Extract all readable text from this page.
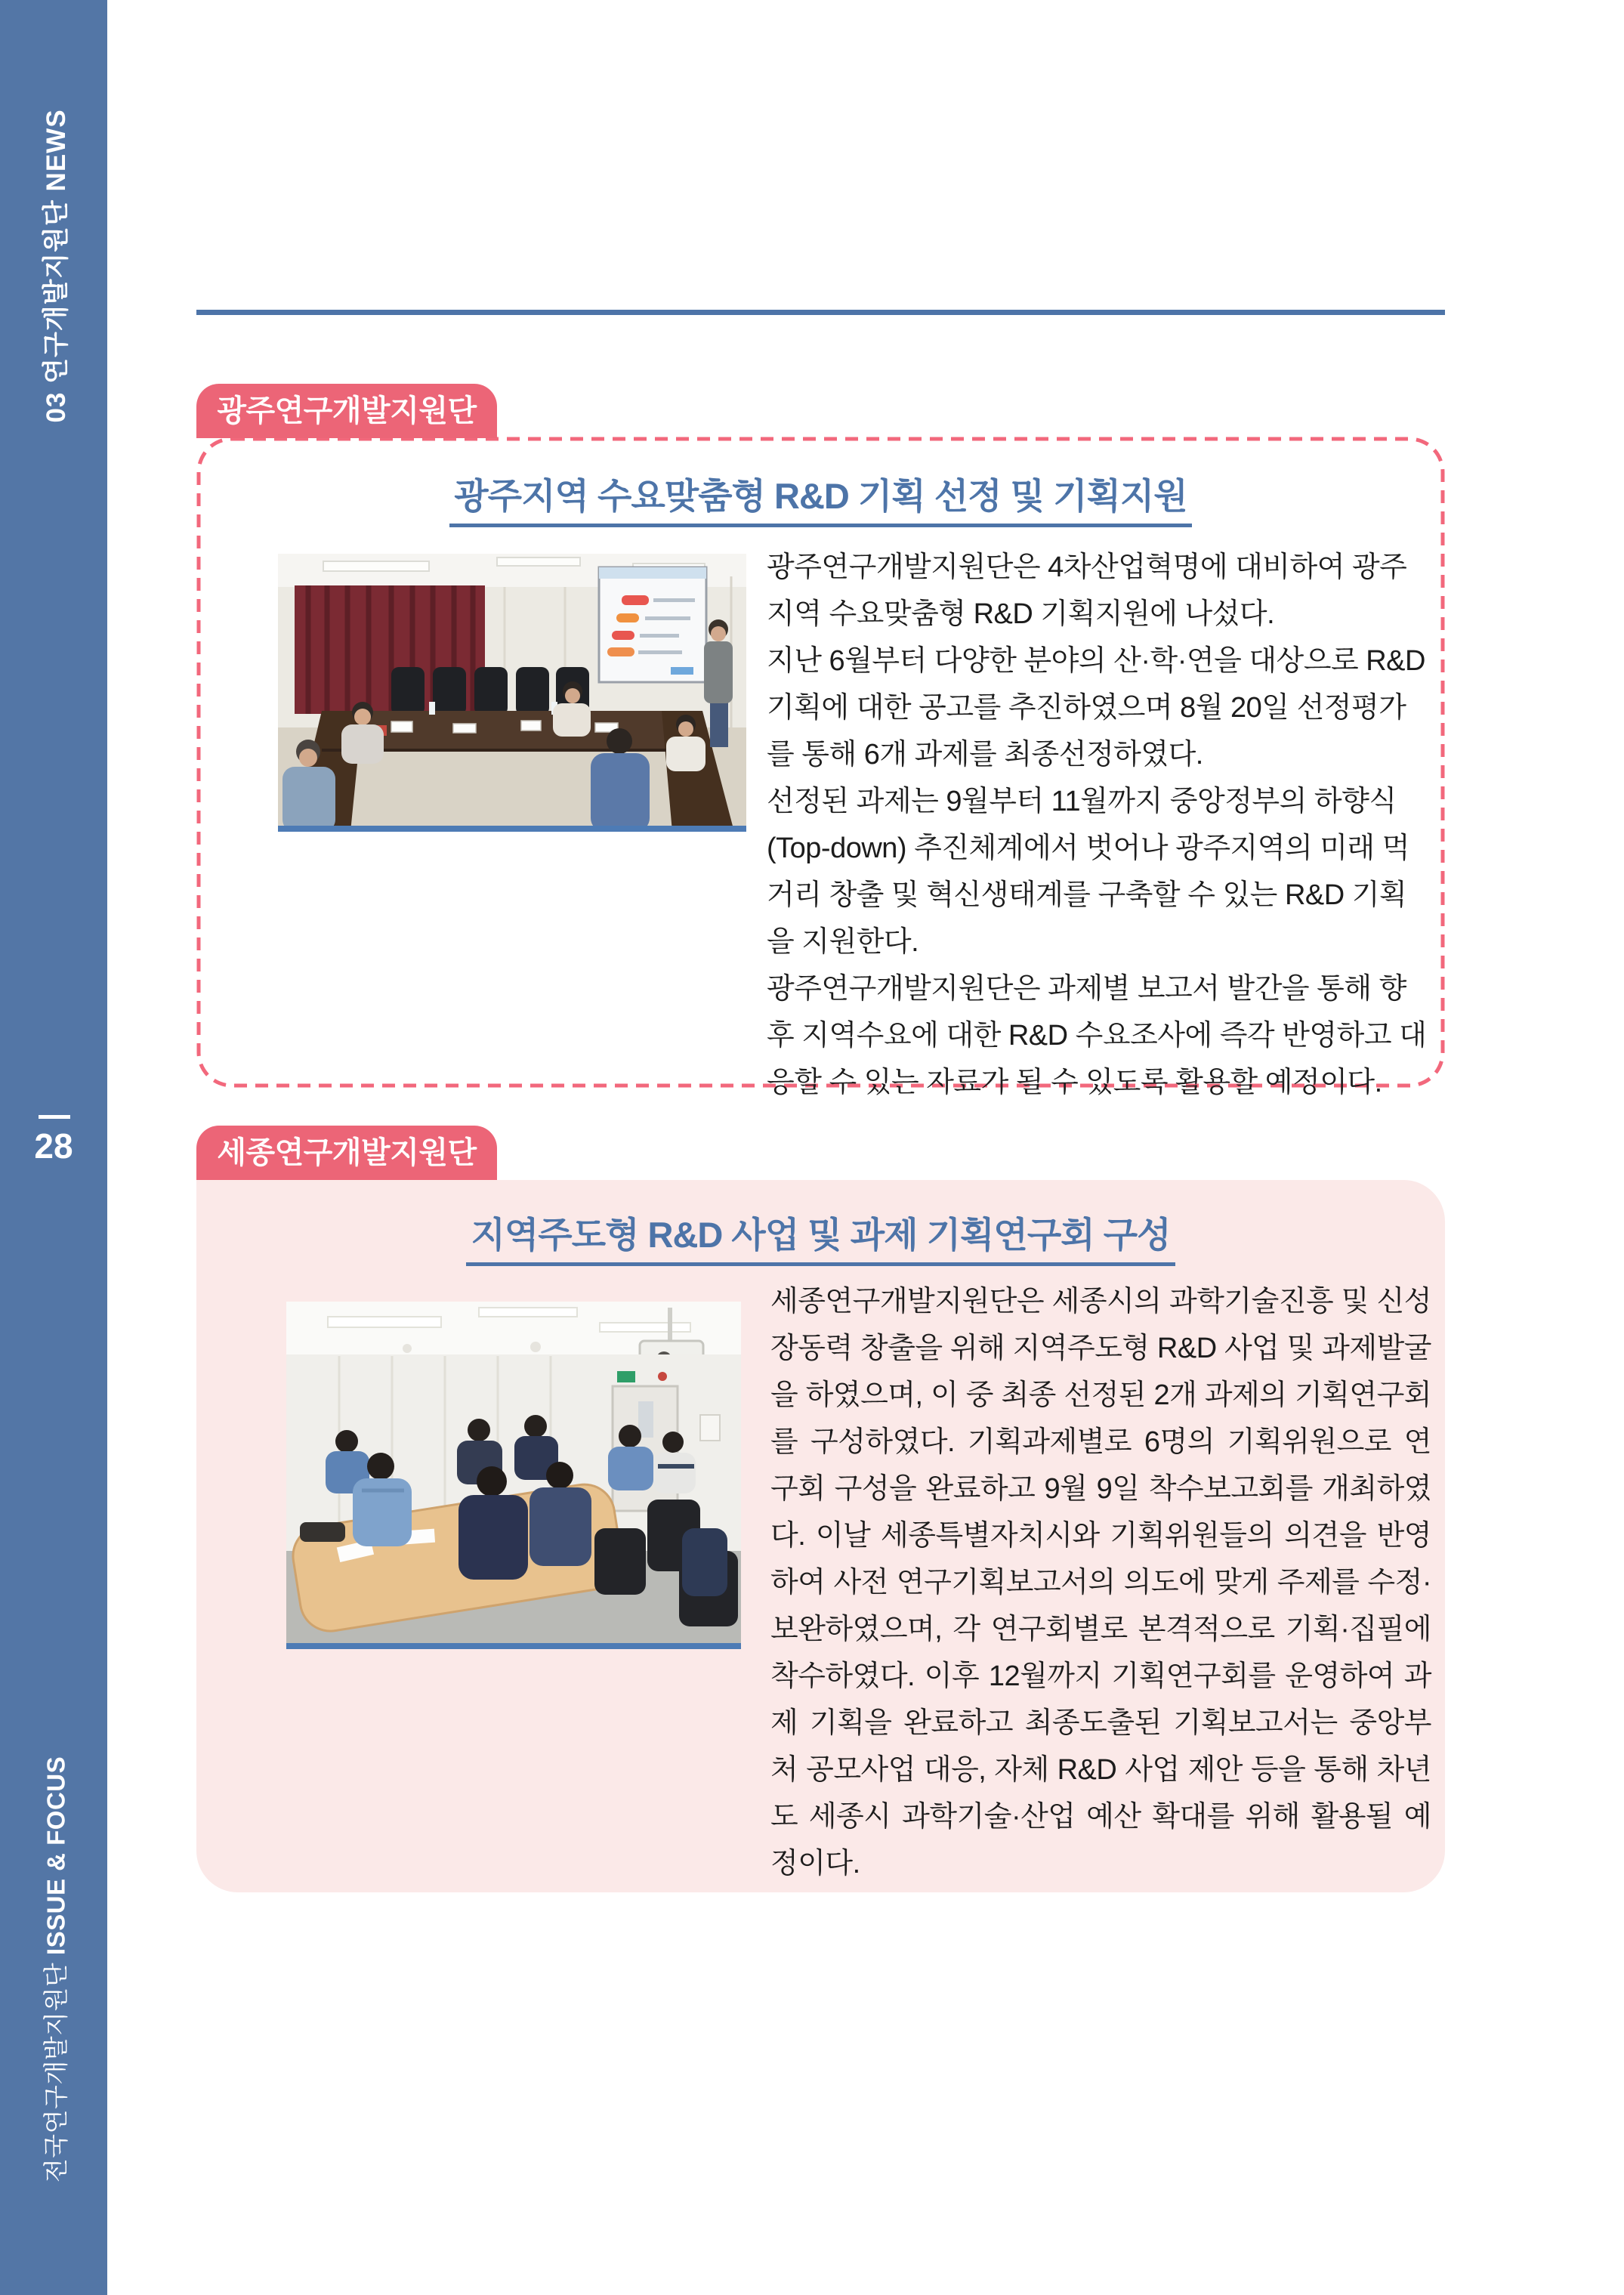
03 연구개발지원단 NEWS
28
전국연구개발지원단 ISSUE & FOCUS
광주연구개발지원단
광주지역 수요맞춤형 R&D 기획 선정 및 기획지원

광주연구개발지원단은 4차산업혁명에 대비하여 광주지역 수요맞춤형 R&D 기획지원에 나섰다.

지난 6월부터 다양한 분야의 산·학·연을 대상으로 R&D 기획에 대한 공고를 추진하였으며 8월 20일 선정평가를 통해 6개 과제를 최종선정하였다.

선정된 과제는 9월부터 11월까지 중앙정부의 하향식(Top-down) 추진체계에서 벗어나 광주지역의 미래 먹거리 창출 및 혁신생태계를 구축할 수 있는 R&D 기획을 지원한다.

광주연구개발지원단은 과제별 보고서 발간을 통해 향후 지역수요에 대한 R&D 수요조사에 즉각 반영하고 대응할 수 있는 자료가 될 수 있도록 활용할 예정이다.

세종연구개발지원단
지역주도형 R&D 사업 및 과제 기획연구회 구성

세종연구개발지원단은 세종시의 과학기술진흥 및 신성장동력 창출을 위해 지역주도형 R&D 사업 및 과제발굴을 하였으며, 이 중 최종 선정된 2개 과제의 기획연구회를 구성하였다. 기획과제별로 6명의 기획위원으로 연구회 구성을 완료하고 9월 9일 착수보고회를 개최하였다. 이날 세종특별자치시와 기획위원들의 의견을 반영하여 사전 연구기획보고서의 의도에 맞게 주제를 수정·보완하였으며, 각 연구회별로 본격적으로 기획·집필에 착수하였다. 이후 12월까지 기획연구회를 운영하여 과제 기획을 완료하고 최종도출된 기획보고서는 중앙부처 공모사업 대응, 자체 R&D 사업 제안 등을 통해 차년도 세종시 과학기술·산업 예산 확대를 위해 활용될 예정이다.
